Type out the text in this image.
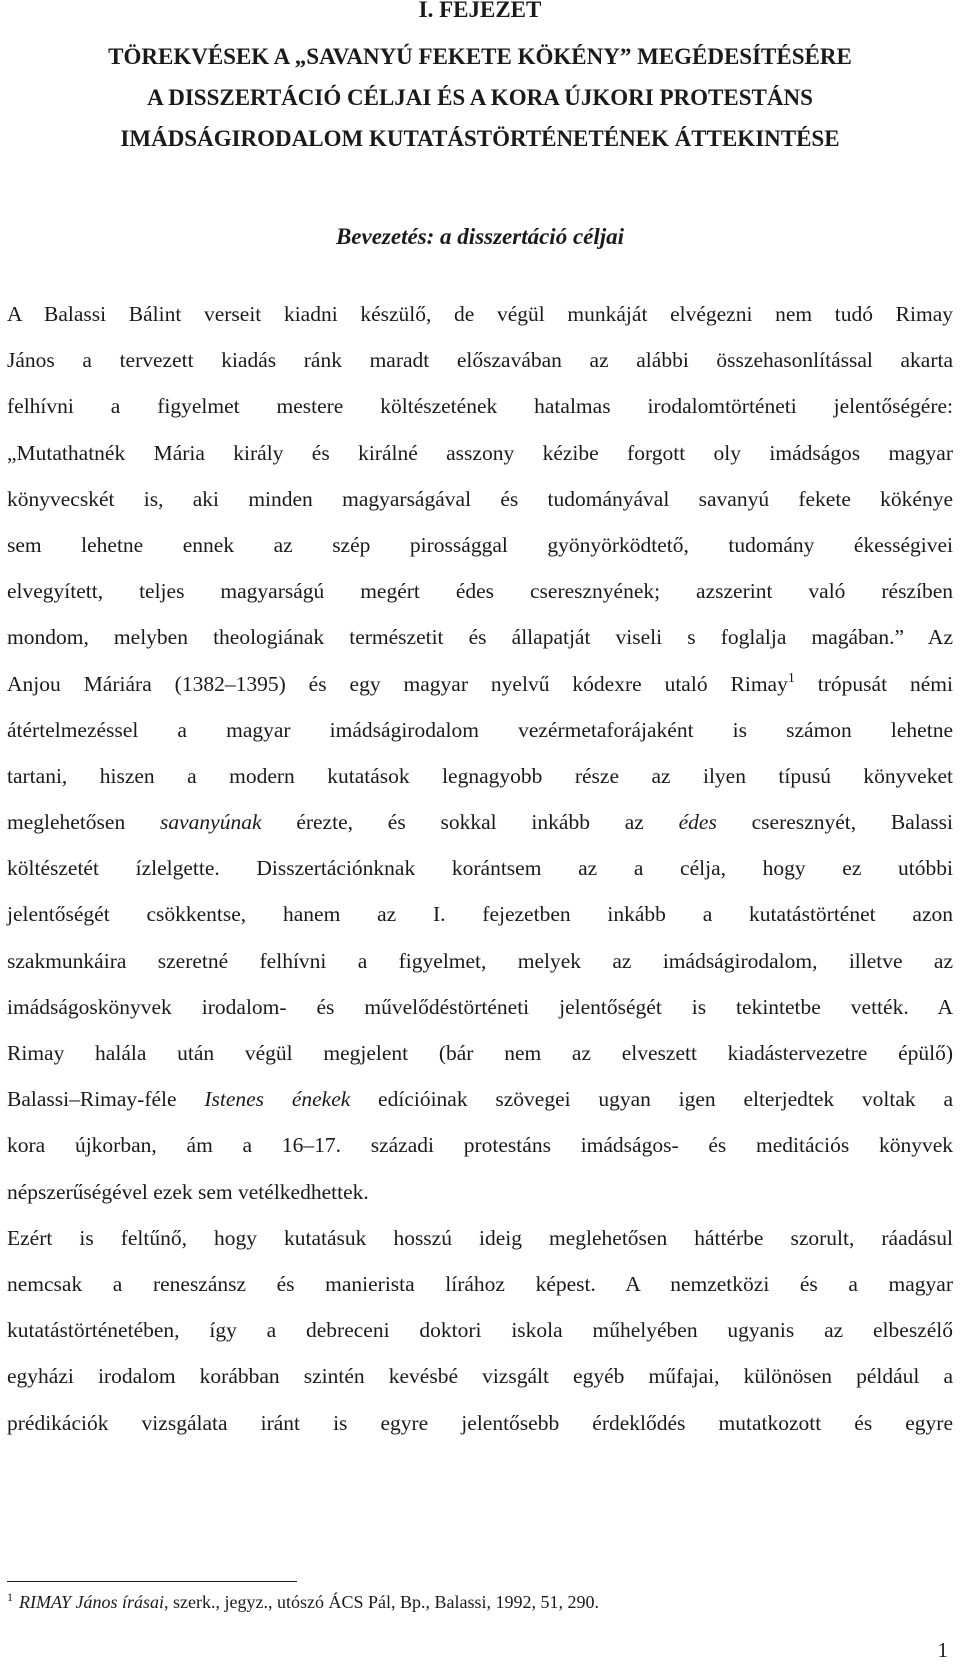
I. FEJEZET
TÖREKVÉSEK A „SAVANYÚ FEKETE KÖKÉNY” MEGÉDESÍTÉSÉRE
A DISSZERTÁCIÓ CÉLJAI ÉS A KORA ÚJKORI PROTESTÁNS
IMÁDSÁGIRODALOM KUTATÁSTÖRTÉNETÉNEK ÁTTEKINTÉSE
Bevezetés: a disszertáció céljai
A Balassi Bálint verseit kiadni készülő, de végül munkáját elvégezni nem tudó Rimay
János a tervezett kiadás ránk maradt előszavában az alábbi összehasonlítással akarta
felhívni a figyelmet mestere költészetének hatalmas irodalomtörténeti jelentőségére:
„Mutathatnék Mária király és királné asszony kézibe forgott oly imádságos magyar
könyvecskét is, aki minden magyarságával és tudományával savanyú fekete kökénye
sem lehetne ennek az szép pirossággal gyönyörködtető, tudomány ékességivei
elvegyített, teljes magyarságú megért édes cseresznyének; azszerint való részíben
mondom, melyben theologiának természetit és állapatját viseli s foglalja magában.” Az
Anjou Máriára (1382–1395) és egy magyar nyelvű kódexre utaló Rimay$^1$ trópusát némi
átértelmezéssel a magyar imádságirodalom vezérmetaforájaként is számon lehetne
tartani, hiszen a modern kutatások legnagyobb része az ilyen típusú könyveket
meglehetősen savanyúnak érezte, és sokkal inkább az édes cseresznyét, Balassi
költészetét ízlelgette. Disszertációnknak korántsem az a célja, hogy ez utóbbi
jelentőségét csökkentse, hanem az I. fejezetben inkább a kutatástörténet azon
szakmunkáira szeretné felhívni a figyelmet, melyek az imádságirodalom, illetve az
imádságoskönyvek irodalom- és művelődéstörténeti jelentőségét is tekintetbe vették. A
Rimay halála után végül megjelent (bár nem az elveszett kiadástervezetre épülő)
Balassi–Rimay-féle Istenes énekek edícióinak szövegei ugyan igen elterjedtek voltak a
kora újkorban, ám a 16–17. századi protestáns imádságos- és meditációs könyvek
népszerűségével ezek sem vetélkedhettek.
Ezért is feltűnő, hogy kutatásuk hosszú ideig meglehetősen háttérbe szorult, ráadásul
nemcsak a reneszánsz és manierista lírához képest. A nemzetközi és a magyar
kutatástörténetében, így a debreceni doktori iskola műhelyében ugyanis az elbeszélő
egyházi irodalom korábban szintén kevésbé vizsgált egyéb műfajai, különösen például a
prédikációk vizsgálata iránt is egyre jelentősebb érdeklődés mutatkozott és egyre
$^1$ RIMAY János írásai, szerk., jegyz., utószó ÁCS Pál, Bp., Balassi, 1992, 51, 290.
1
